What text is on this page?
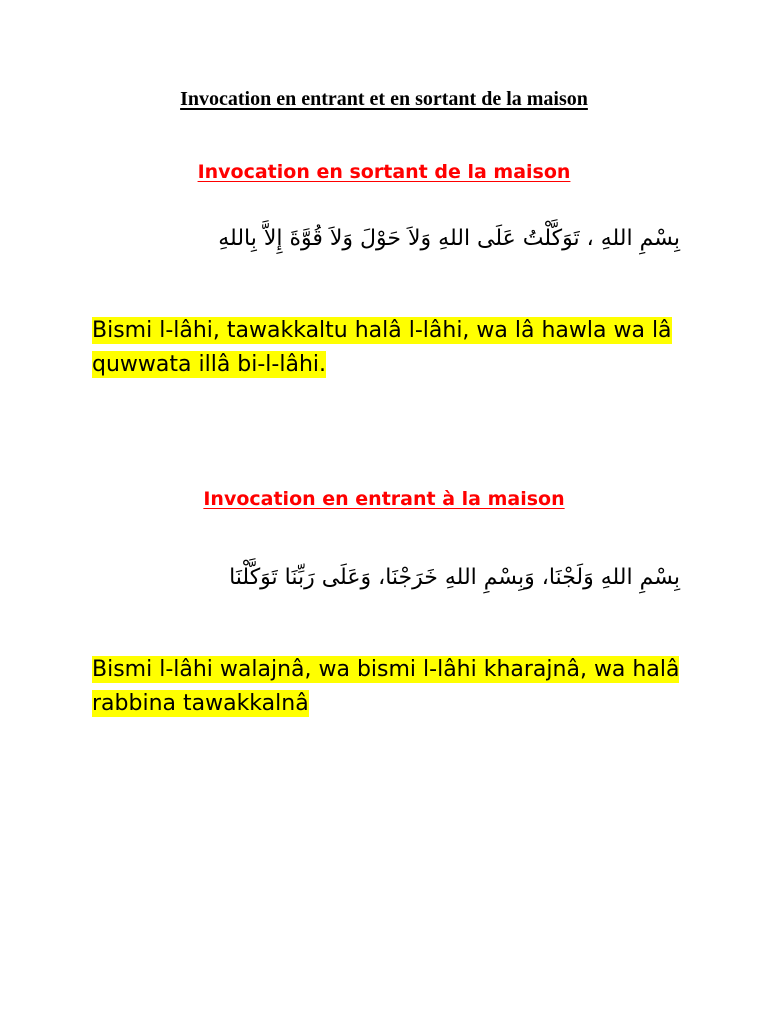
Invocation en entrant et en sortant de la maison
Invocation en sortant de la maison

بِسْمِ اللهِ ، تَوَكَّلْتُ عَلَى اللهِ وَلاَ حَوْلَ وَلاَ قُوَّةَ إِلاَّ بِاللهِ

Bismi l-lâhi, tawakkaltu halâ l-lâhi, wa lâ hawla wa lâ quwwata illâ bi-l-lâhi.

Invocation en entrant à la maison

بِسْمِ اللهِ وَلَجْنَا، وَبِسْمِ اللهِ خَرَجْنَا، وَعَلَى رَبِّنَا تَوَكَّلْنَا

Bismi l-lâhi walajnâ, wa bismi l-lâhi kharajnâ, wa halâ rabbina tawakkalnâ
